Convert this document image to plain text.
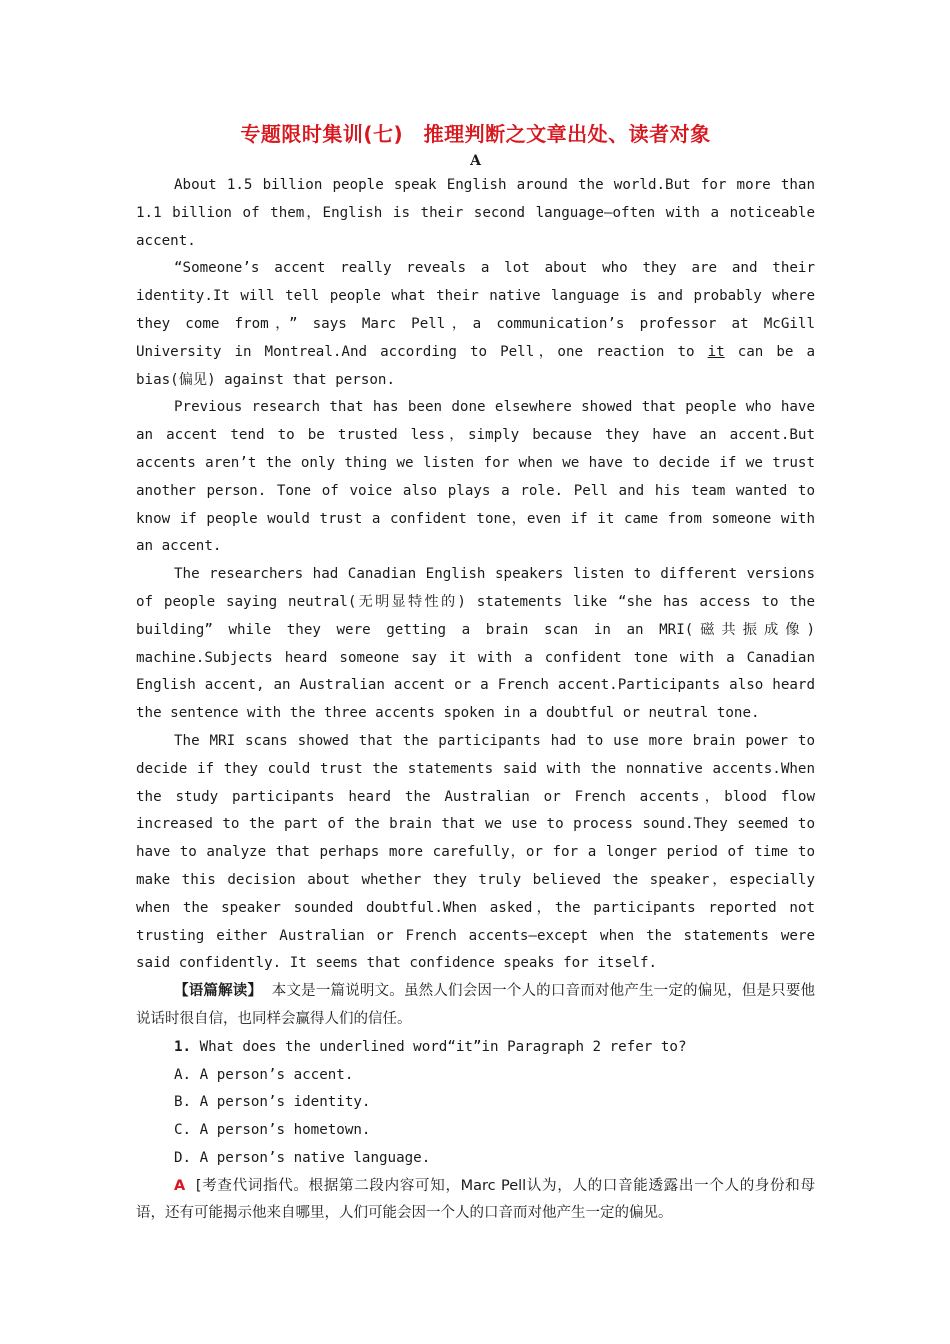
专题限时集训(七)　推理判断之文章出处、读者对象
A

About 1.5 billion people speak English around the world.But for more than 1.1 billion of them，English is their second language—often with a noticeable accent.

“Someone’s accent really reveals a lot about who they are and their identity.It will tell people what their native language is and probably where they come from，” says Marc Pell，a communication’s professor at McGill University in Montreal.And according to Pell，one reaction to it can be a bias(偏见) against that person.

Previous research that has been done elsewhere showed that people who have an accent tend to be trusted less，simply because they have an accent.But accents aren’t the only thing we listen for when we have to decide if we trust another person. Tone of voice also plays a role. Pell and his team wanted to know if people would trust a confident tone，even if it came from someone with an accent.

The researchers had Canadian English speakers listen to different versions of people saying neutral(无明显特性的) statements like “she has access to the building” while they were getting a brain scan in an MRI(磁共振成像) machine.Subjects heard someone say it with a confident tone with a Canadian English accent, an Australian accent or a French accent.Participants also heard the sentence with the three accents spoken in a doubtful or neutral tone.

The MRI scans showed that the participants had to use more brain power to decide if they could trust the statements said with the nonnative accents.When the study participants heard the Australian or French accents，blood flow increased to the part of the brain that we use to process sound.They seemed to have to analyze that perhaps more carefully，or for a longer period of time to make this decision about whether they truly believed the speaker，especially when the speaker sounded doubtful.When asked，the participants reported not trusting either Australian or French accents—except when the statements were said confidently. It seems that confidence speaks for itself.

【语篇解读】 本文是一篇说明文。虽然人们会因一个人的口音而对他产生一定的偏见，但是只要他说话时很自信，也同样会赢得人们的信任。

1. What does the underlined word“it”in Paragraph 2 refer to?

A. A person’s accent.

B. A person’s identity.

C. A person’s hometown.

D. A person’s native language.

A [考查代词指代。根据第二段内容可知，Marc Pell认为，人的口音能透露出一个人的身份和母语，还有可能揭示他来自哪里，人们可能会因一个人的口音而对他产生一定的偏见。
